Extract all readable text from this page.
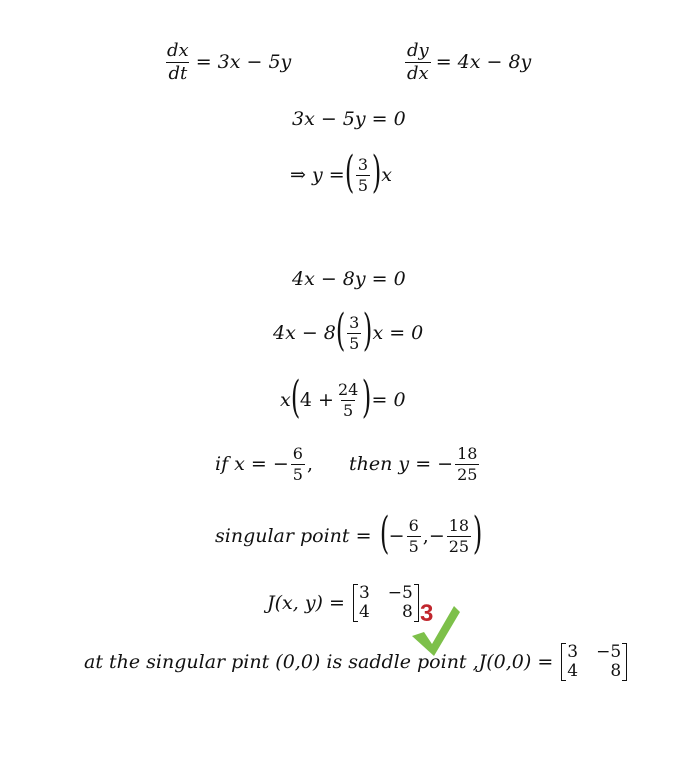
$\frac{dx}{dt} = 3x - 5y$	$\frac{dy}{dx} = 4x - 8y$
3x − 5y = 0
⇒ y = ( $\frac{3}{5}$ ) x
4x − 8y = 0
4x − 8 ( $\frac{3}{5}$ ) x = 0
x ( $4 + \frac{24}{5}$ ) = 0
if x = − $\frac{6}{5}$ , then y = − $\frac{18}{25}$
singular point = ( − $\frac{6}{5}$ ,− $\frac{18}{25}$ )
J(x, y) = 3 −5
4	8 3
at the singular pint (0,0) is saddle point ,J(0,0) = 3 −5
4	8
